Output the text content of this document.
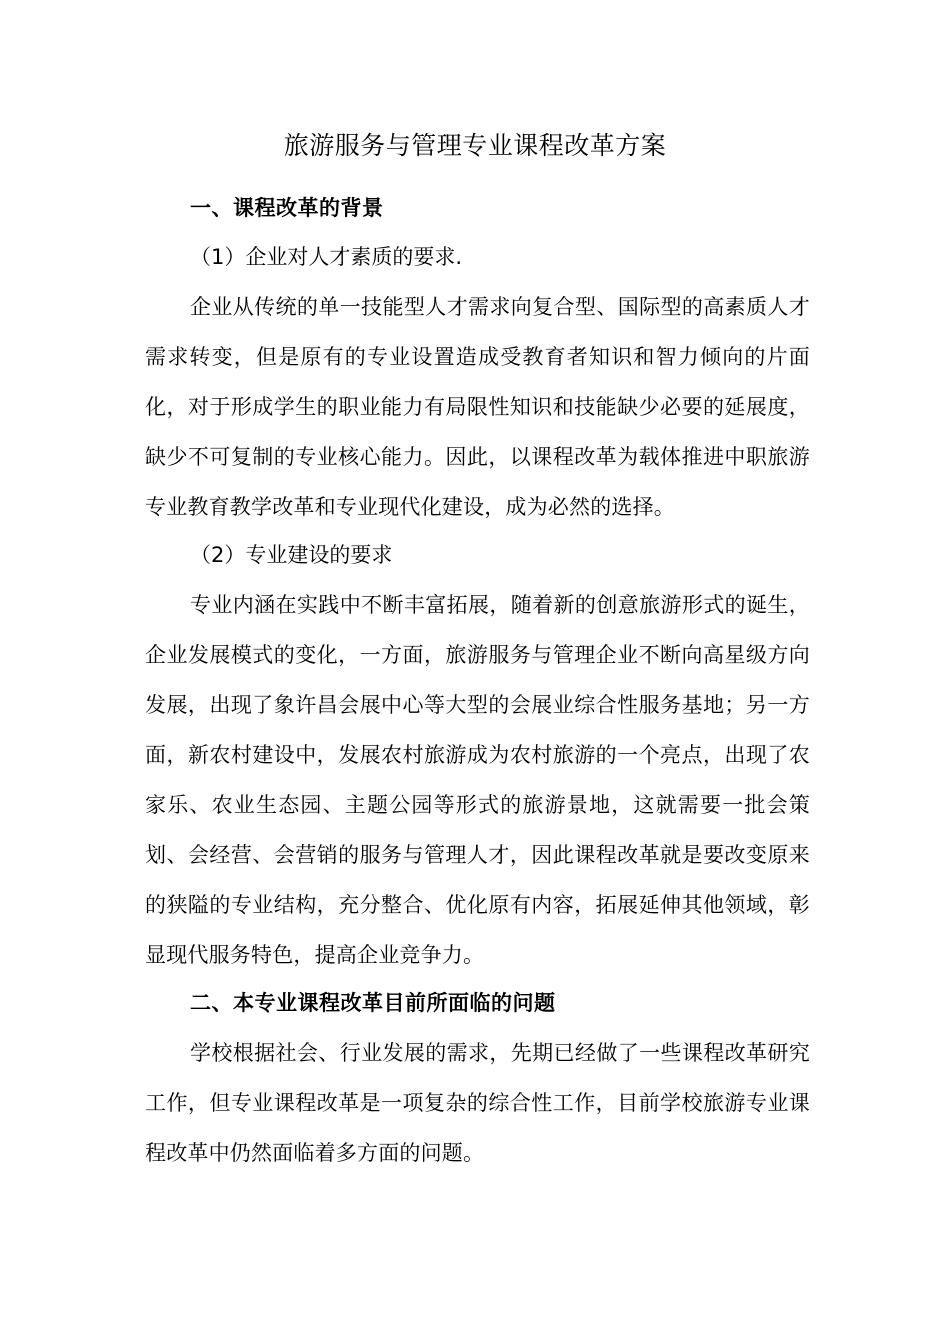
旅游服务与管理专业课程改革方案
一、课程改革的背景
（1）企业对人才素质的要求.

企业从传统的单一技能型人才需求向复合型、国际型的高素质人才需求转变，但是原有的专业设置造成受教育者知识和智力倾向的片面化，对于形成学生的职业能力有局限性知识和技能缺少必要的延展度，缺少不可复制的专业核心能力。因此，以课程改革为载体推进中职旅游专业教育教学改革和专业现代化建设，成为必然的选择。

（2）专业建设的要求

专业内涵在实践中不断丰富拓展，随着新的创意旅游形式的诞生，企业发展模式的变化，一方面，旅游服务与管理企业不断向高星级方向发展，出现了象许昌会展中心等大型的会展业综合性服务基地；另一方面，新农村建设中，发展农村旅游成为农村旅游的一个亮点，出现了农家乐、农业生态园、主题公园等形式的旅游景地，这就需要一批会策划、会经营、会营销的服务与管理人才，因此课程改革就是要改变原来的狭隘的专业结构，充分整合、优化原有内容，拓展延伸其他领域，彰显现代服务特色，提高企业竞争力。

二、本专业课程改革目前所面临的问题

学校根据社会、行业发展的需求，先期已经做了一些课程改革研究工作，但专业课程改革是一项复杂的综合性工作，目前学校旅游专业课程改革中仍然面临着多方面的问题。
